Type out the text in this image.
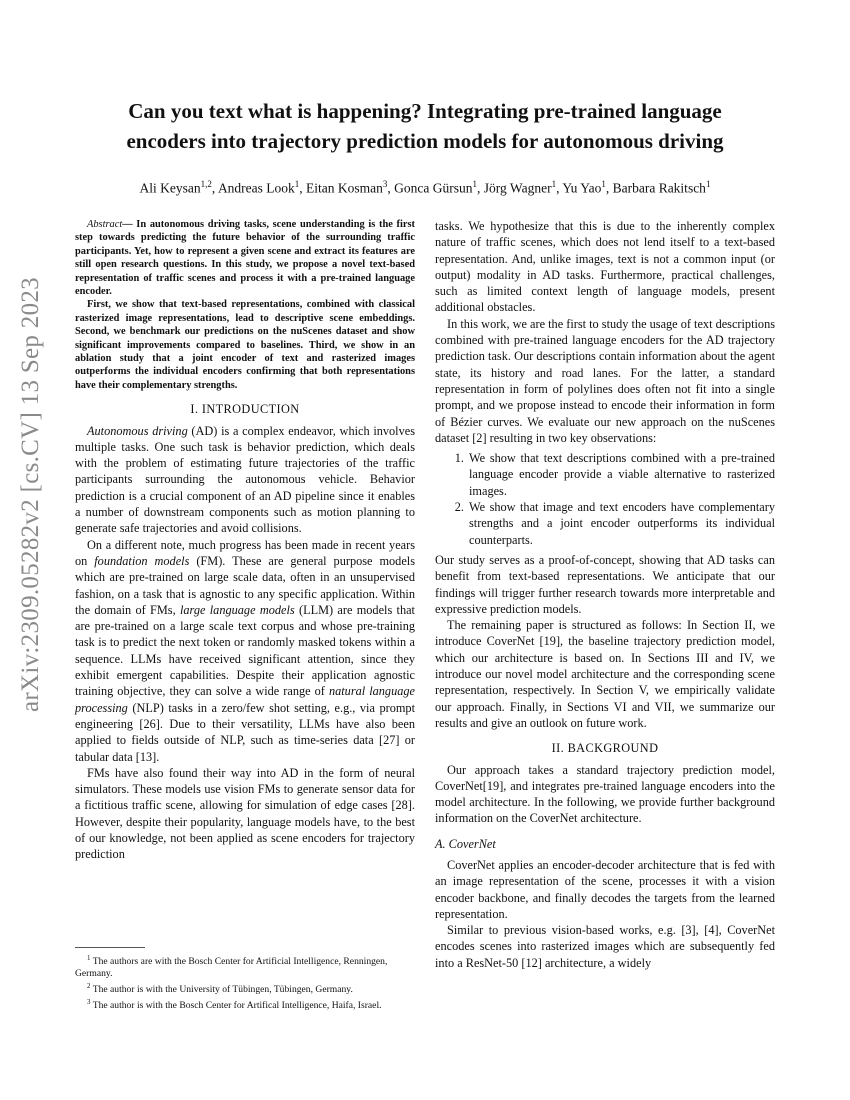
arXiv:2309.05282v2 [cs.CV] 13 Sep 2023
Can you text what is happening? Integrating pre-trained language encoders into trajectory prediction models for autonomous driving
Ali Keysan$^{1,2}$, Andreas Look$^1$, Eitan Kosman$^3$, Gonca Gürsun$^1$, Jörg Wagner$^1$, Yu Yao$^1$, Barbara Rakitsch$^1$

Abstract— In autonomous driving tasks, scene understanding is the first step towards predicting the future behavior of the surrounding traffic participants. Yet, how to represent a given scene and extract its features are still open research questions. In this study, we propose a novel text-based representation of traffic scenes and process it with a pre-trained language encoder.

First, we show that text-based representations, combined with classical rasterized image representations, lead to descriptive scene embeddings. Second, we benchmark our predictions on the nuScenes dataset and show significant improvements compared to baselines. Third, we show in an ablation study that a joint encoder of text and rasterized images outperforms the individual encoders confirming that both representations have their complementary strengths.

I. INTRODUCTION

Autonomous driving (AD) is a complex endeavor, which involves multiple tasks. One such task is behavior prediction, which deals with the problem of estimating future trajectories of the traffic participants surrounding the autonomous vehicle. Behavior prediction is a crucial component of an AD pipeline since it enables a number of downstream components such as motion planning to generate safe trajectories and avoid collisions.

On a different note, much progress has been made in recent years on foundation models (FM). These are general purpose models which are pre-trained on large scale data, often in an unsupervised fashion, on a task that is agnostic to any specific application. Within the domain of FMs, large language models (LLM) are models that are pre-trained on a large scale text corpus and whose pre-training task is to predict the next token or randomly masked tokens within a sequence. LLMs have received significant attention, since they exhibit emergent capabilities. Despite their application agnostic training objective, they can solve a wide range of natural language processing (NLP) tasks in a zero/few shot setting, e.g., via prompt engineering [26]. Due to their versatility, LLMs have also been applied to fields outside of NLP, such as time-series data [27] or tabular data [13].

FMs have also found their way into AD in the form of neural simulators. These models use vision FMs to generate sensor data for a fictitious traffic scene, allowing for simulation of edge cases [28]. However, despite their popularity, language models have, to the best of our knowledge, not been applied as scene encoders for trajectory prediction

$^1$ The authors are with the Bosch Center for Artificial Intelligence, Renningen, Germany.

$^2$ The author is with the University of Tübingen, Tübingen, Germany.

$^3$ The author is with the Bosch Center for Artifical Intelligence, Haifa, Israel.

tasks. We hypothesize that this is due to the inherently complex nature of traffic scenes, which does not lend itself to a text-based representation. And, unlike images, text is not a common input (or output) modality in AD tasks. Furthermore, practical challenges, such as limited context length of language models, present additional obstacles.

In this work, we are the first to study the usage of text descriptions combined with pre-trained language encoders for the AD trajectory prediction task. Our descriptions contain information about the agent state, its history and road lanes. For the latter, a standard representation in form of polylines does often not fit into a single prompt, and we propose instead to encode their information in form of Bézier curves. We evaluate our new approach on the nuScenes dataset [2] resulting in two key observations:

1. We show that text descriptions combined with a pre-trained language encoder provide a viable alternative to rasterized images.
2. We show that image and text encoders have complementary strengths and a joint encoder outperforms its individual counterparts.

Our study serves as a proof-of-concept, showing that AD tasks can benefit from text-based representations. We anticipate that our findings will trigger further research towards more interpretable and expressive prediction models.

The remaining paper is structured as follows: In Section II, we introduce CoverNet [19], the baseline trajectory prediction model, which our architecture is based on. In Sections III and IV, we introduce our novel model architecture and the corresponding scene representation, respectively. In Section V, we empirically validate our approach. Finally, in Sections VI and VII, we summarize our results and give an outlook on future work.

II. BACKGROUND

Our approach takes a standard trajectory prediction model, CoverNet[19], and integrates pre-trained language encoders into the model architecture. In the following, we provide further background information on the CoverNet architecture.

A. CoverNet

CoverNet applies an encoder-decoder architecture that is fed with an image representation of the scene, processes it with a vision encoder backbone, and finally decodes the targets from the learned representation.

Similar to previous vision-based works, e.g. [3], [4], CoverNet encodes scenes into rasterized images which are subsequently fed into a ResNet-50 [12] architecture, a widely
